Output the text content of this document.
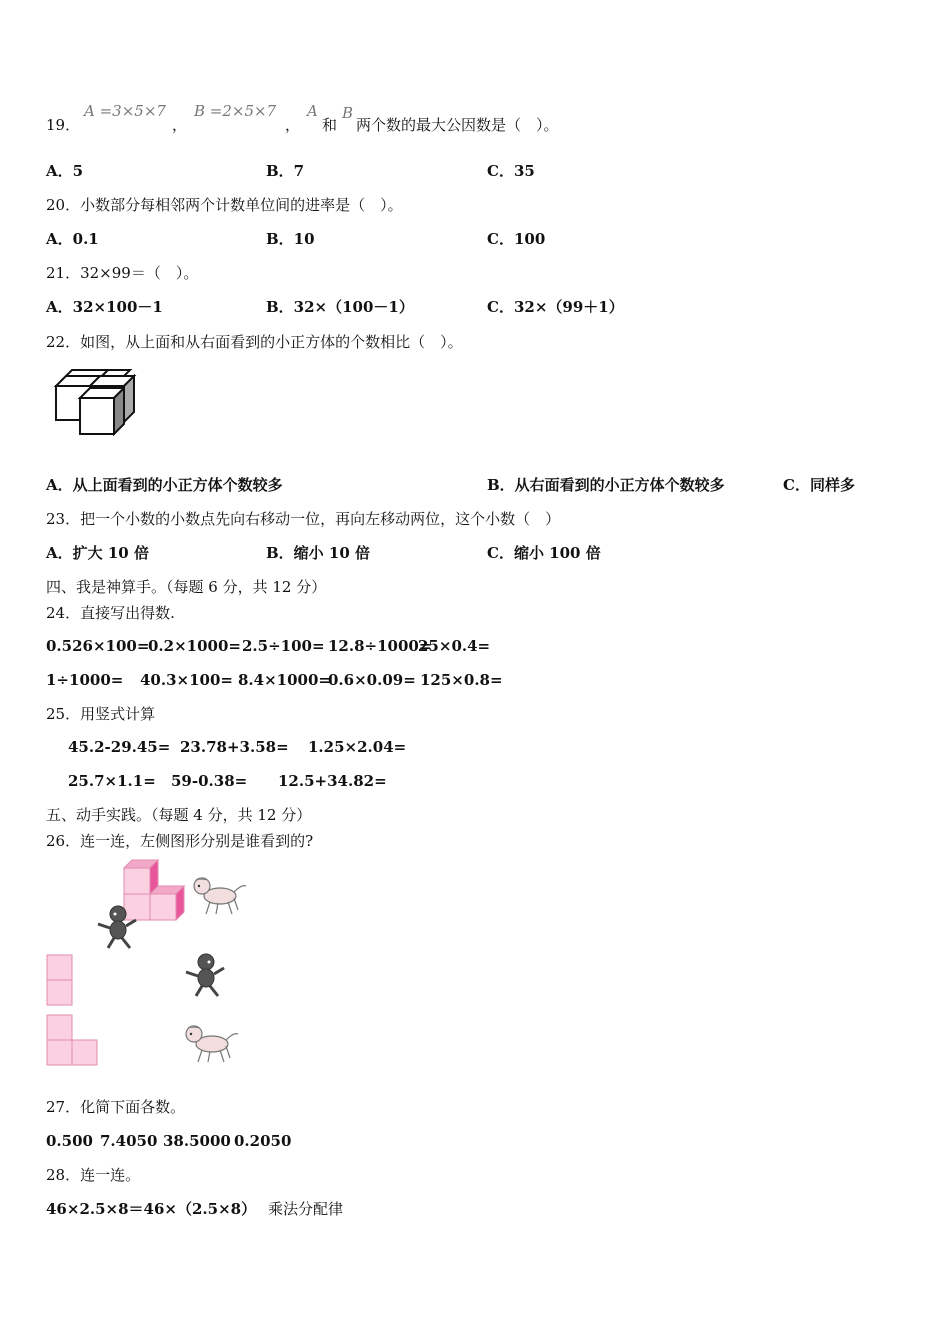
19．
A =3×5×7
，
B =2×5×7
，
A
和
B
两个数的最大公因数是（　）。
A．5	B．7	C．35
20．小数部分每相邻两个计数单位间的进率是（　）。
A．0.1	B．10	C．100
21．32×99＝（　）。
A．32×100－1	B．32×（100－1）	C．32×（99＋1）
22．如图，从上面和从右面看到的小正方体的个数相比（　）。
A．从上面看到的小正方体个数较多	B．从右面看到的小正方体个数较多	C．同样多
23．把一个小数的小数点先向右移动一位，再向左移动两位，这个小数（　）
A．扩大 10 倍	B．缩小 10 倍	C．缩小 100 倍
四、我是神算手。（每题 6 分，共 12 分）
24．直接写出得数.
0.526×100=0.2×1000=2.5÷100= 12.8÷1000=25×0.4=
1÷1000= 40.3×100= 8.4×1000=0.6×0.09= 125×0.8=
25．用竖式计算
45.2-29.45= 23.78+3.58= 1.25×2.04=
25.7×1.1= 59-0.38= 12.5+34.82=
五、动手实践。（每题 4 分，共 12 分）
26．连一连，左侧图形分别是谁看到的?
27．化简下面各数。
0.500 7.4050 38.5000 0.2050
28．连一连。
46×2.5×8＝46×（2.5×8） 乘法分配律
